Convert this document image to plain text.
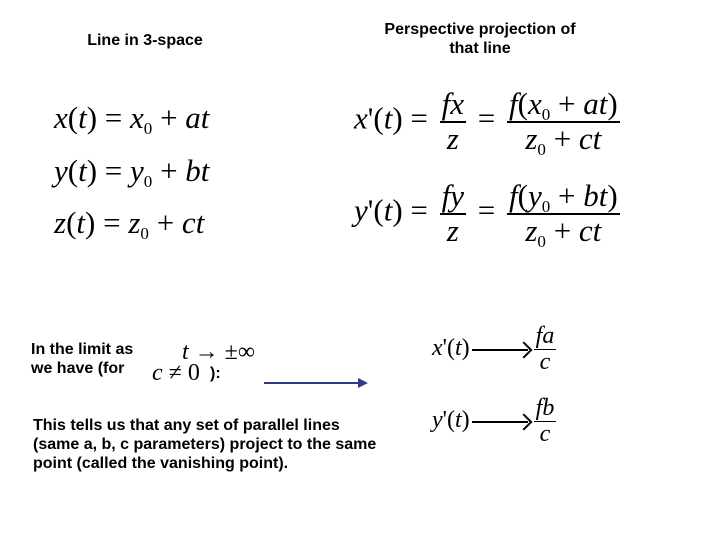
Line in 3-space
Perspective projection of
that line
$x(t) = x_0$ + at
$y(t) = y_0$ + bt
$z(t) = z_0$ + ct
$x'(t) = \frac{fx}{z} = \frac{f(x_0 + at)}{z_0 + ct}$
$y'(t) = \frac{fy}{z} = \frac{f(y_0 + bt)}{z_0 + ct}$
In the limit as
we have (for
t → ±∞
c ≠ 0 ):
x'(t)	$\frac{fa}{c}$
y'(t)	$\frac{fb}{c}$
This tells us that any set of parallel lines (same a, b, c parameters) project to the same point (called the vanishing point).
